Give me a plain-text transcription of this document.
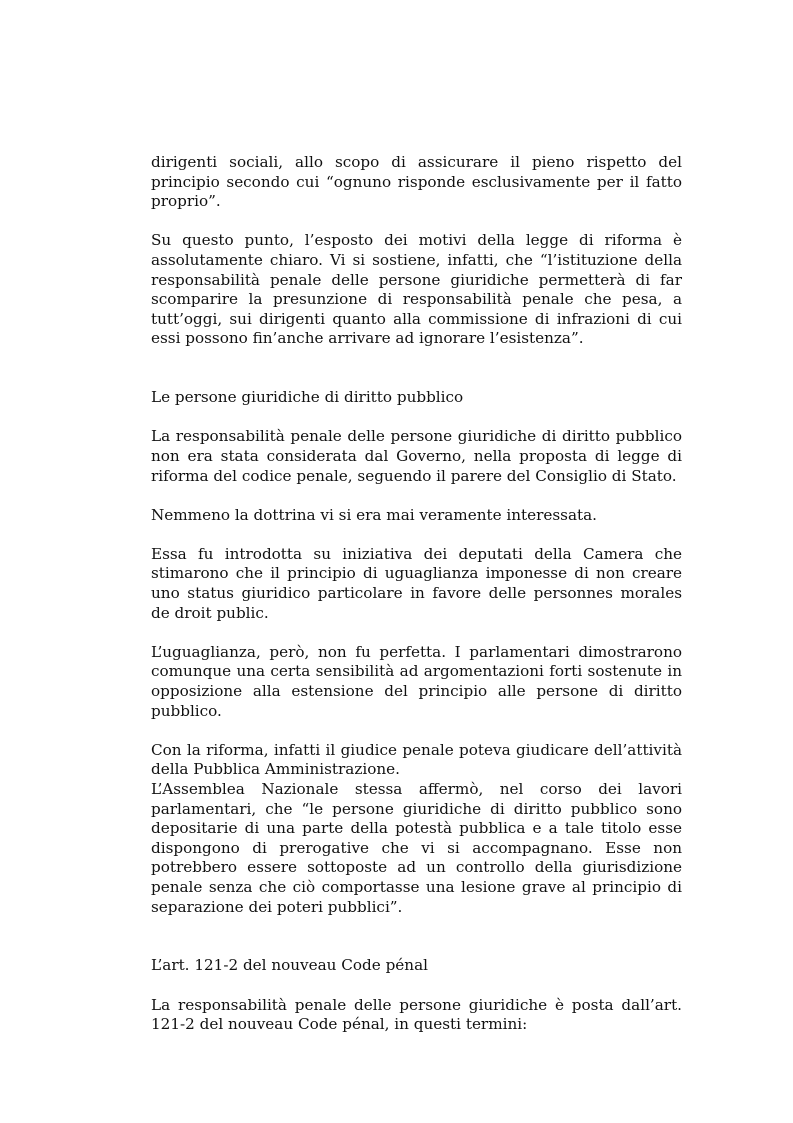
dirigenti sociali, allo scopo di assicurare il pieno rispetto del principio secondo cui “ognuno risponde esclusivamente per il fatto proprio”.

Su questo punto, l’esposto dei motivi della legge di riforma è assolutamente chiaro. Vi si sostiene, infatti, che “l’istituzione della responsabilità penale delle persone giuridiche permetterà di far scomparire la presunzione di responsabilità penale che pesa, a tutt’oggi, sui dirigenti quanto alla commissione di infrazioni di cui essi possono fin’anche arrivare ad ignorare l’esistenza”.

Le persone giuridiche di diritto pubblico

La responsabilità penale delle persone giuridiche di diritto pubblico non era stata considerata dal Governo, nella proposta di legge di riforma del codice penale, seguendo il parere del Consiglio di Stato.

Nemmeno la dottrina vi si era mai veramente interessata.

Essa fu introdotta su iniziativa dei deputati della Camera che stimarono che il principio di uguaglianza imponesse di non creare uno status giuridico particolare in favore delle personnes morales de droit public.

L’uguaglianza, però, non fu perfetta. I parlamentari dimostrarono comunque una certa sensibilità ad argomentazioni forti sostenute in opposizione alla estensione del principio alle persone di diritto pubblico.

Con la riforma, infatti il giudice penale poteva giudicare dell’attività della Pubblica Amministrazione.

L’Assemblea Nazionale stessa affermò, nel corso dei lavori parlamentari, che “le persone giuridiche di diritto pubblico sono depositarie di una parte della potestà pubblica e a tale titolo esse dispongono di prerogative che vi si accompagnano. Esse non potrebbero essere sottoposte ad un controllo della giurisdizione penale senza che ciò comportasse una lesione grave al principio di separazione dei poteri pubblici”.

L’art. 121-2 del nouveau Code pénal

La responsabilità penale delle persone giuridiche è posta dall’art. 121-2 del nouveau Code pénal, in questi termini:
